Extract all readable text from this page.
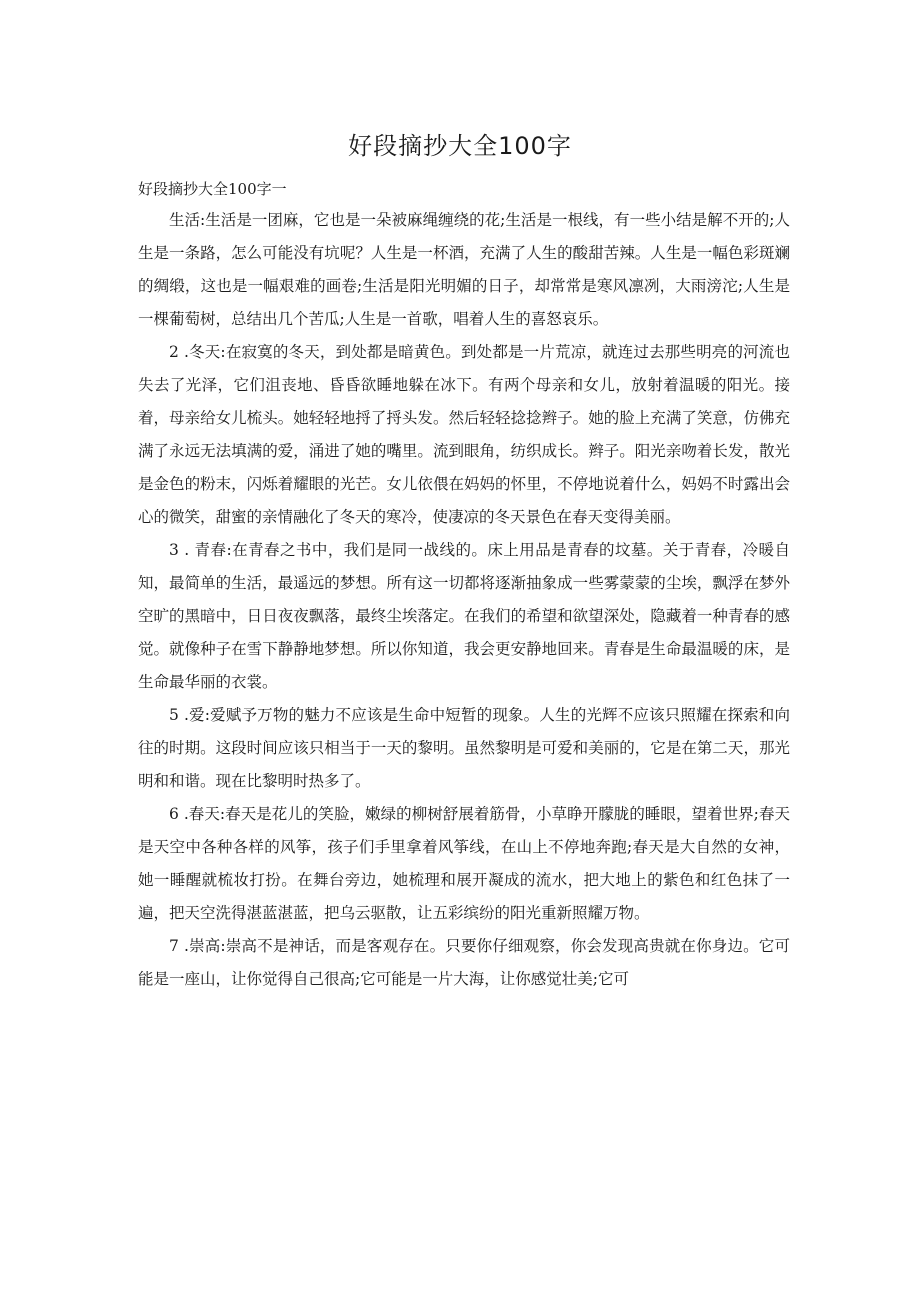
好段摘抄大全100字

好段摘抄大全100字一

生活:生活是一团麻，它也是一朵被麻绳缠绕的花;生活是一根线，有一些小结是解不开的;人生是一条路，怎么可能没有坑呢？人生是一杯酒，充满了人生的酸甜苦辣。人生是一幅色彩斑斓的绸缎，这也是一幅艰难的画卷;生活是阳光明媚的日子，却常常是寒风凛冽，大雨滂沱;人生是一棵葡萄树，总结出几个苦瓜;人生是一首歌，唱着人生的喜怒哀乐。

2 .冬天:在寂寞的冬天，到处都是暗黄色。到处都是一片荒凉，就连过去那些明亮的河流也失去了光泽，它们沮丧地、昏昏欲睡地躲在冰下。有两个母亲和女儿，放射着温暖的阳光。接着，母亲给女儿梳头。她轻轻地捋了捋头发。然后轻轻捻捻辫子。她的脸上充满了笑意，仿佛充满了永远无法填满的爱，涌进了她的嘴里。流到眼角，纺织成长。辫子。阳光亲吻着长发，散光是金色的粉末，闪烁着耀眼的光芒。女儿依偎在妈妈的怀里，不停地说着什么，妈妈不时露出会心的微笑，甜蜜的亲情融化了冬天的寒冷，使凄凉的冬天景色在春天变得美丽。

3 . 青春:在青春之书中，我们是同一战线的。床上用品是青春的坟墓。关于青春，冷暖自知，最简单的生活，最遥远的梦想。所有这一切都将逐渐抽象成一些雾蒙蒙的尘埃，飘浮在梦外空旷的黑暗中，日日夜夜飘落，最终尘埃落定。在我们的希望和欲望深处，隐藏着一种青春的感觉。就像种子在雪下静静地梦想。所以你知道，我会更安静地回来。青春是生命最温暖的床，是生命最华丽的衣裳。

5 .爱:爱赋予万物的魅力不应该是生命中短暂的现象。人生的光辉不应该只照耀在探索和向往的时期。这段时间应该只相当于一天的黎明。虽然黎明是可爱和美丽的，它是在第二天，那光明和和谐。现在比黎明时热多了。

6 .春天:春天是花儿的笑脸，嫩绿的柳树舒展着筋骨，小草睁开朦胧的睡眼，望着世界;春天是天空中各种各样的风筝，孩子们手里拿着风筝线，在山上不停地奔跑;春天是大自然的女神，她一睡醒就梳妆打扮。在舞台旁边，她梳理和展开凝成的流水，把大地上的紫色和红色抹了一遍，把天空洗得湛蓝湛蓝，把乌云驱散，让五彩缤纷的阳光重新照耀万物。

7 .崇高:崇高不是神话，而是客观存在。只要你仔细观察，你会发现高贵就在你身边。它可能是一座山，让你觉得自己很高;它可能是一片大海，让你感觉壮美;它可
